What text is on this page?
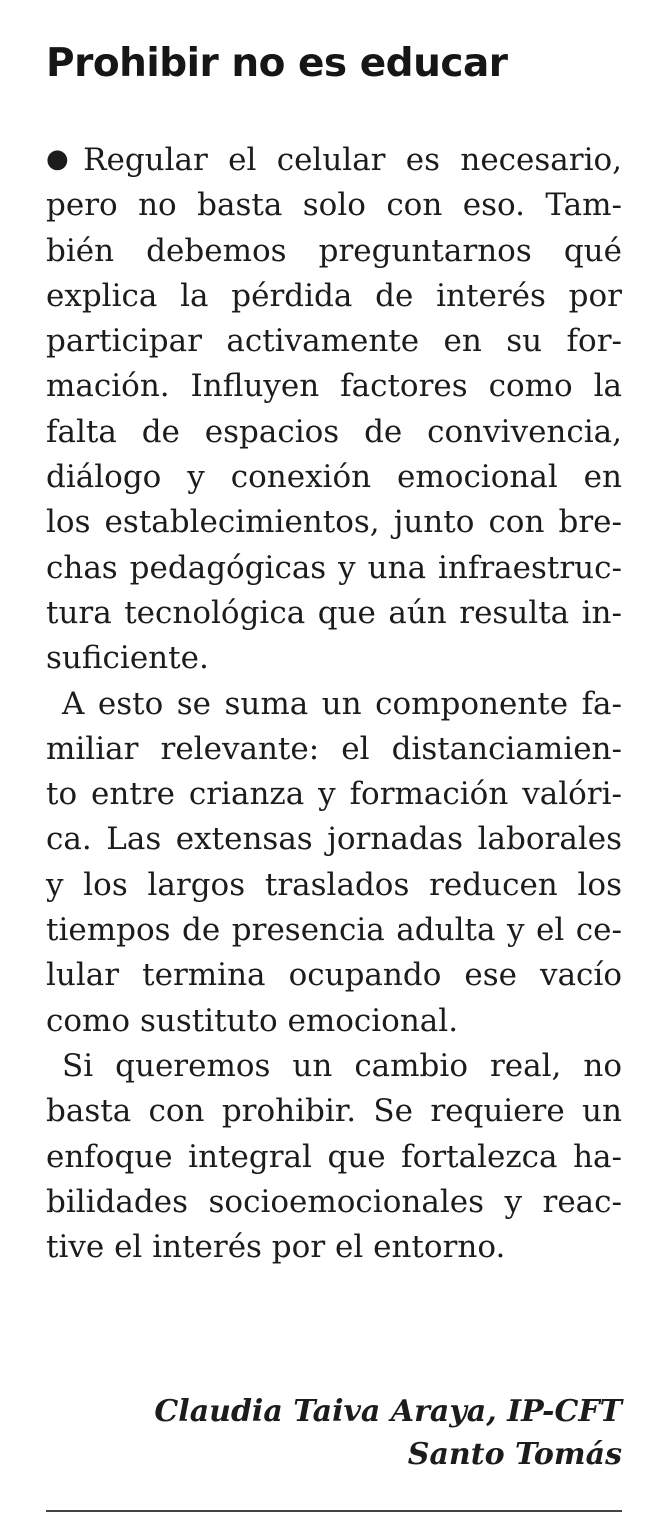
Prohibir no es educar
● Regular el celular es necesario,
pero no basta solo con eso. Tam-
bién debemos preguntarnos qué
explica la pérdida de interés por
participar activamente en su for-
mación. Influyen factores como la
falta de espacios de convivencia,
diálogo y conexión emocional en
los establecimientos, junto con bre-
chas pedagógicas y una infraestruc-
tura tecnológica que aún resulta in-
suficiente.
A esto se suma un componente fa-
miliar relevante: el distanciamien-
to entre crianza y formación valóri-
ca. Las extensas jornadas laborales
y los largos traslados reducen los
tiempos de presencia adulta y el ce-
lular termina ocupando ese vacío
como sustituto emocional.
Si queremos un cambio real, no
basta con prohibir. Se requiere un
enfoque integral que fortalezca ha-
bilidades socioemocionales y reac-
tive el interés por el entorno.
Claudia Taiva Araya, IP-CFT
Santo Tomás
